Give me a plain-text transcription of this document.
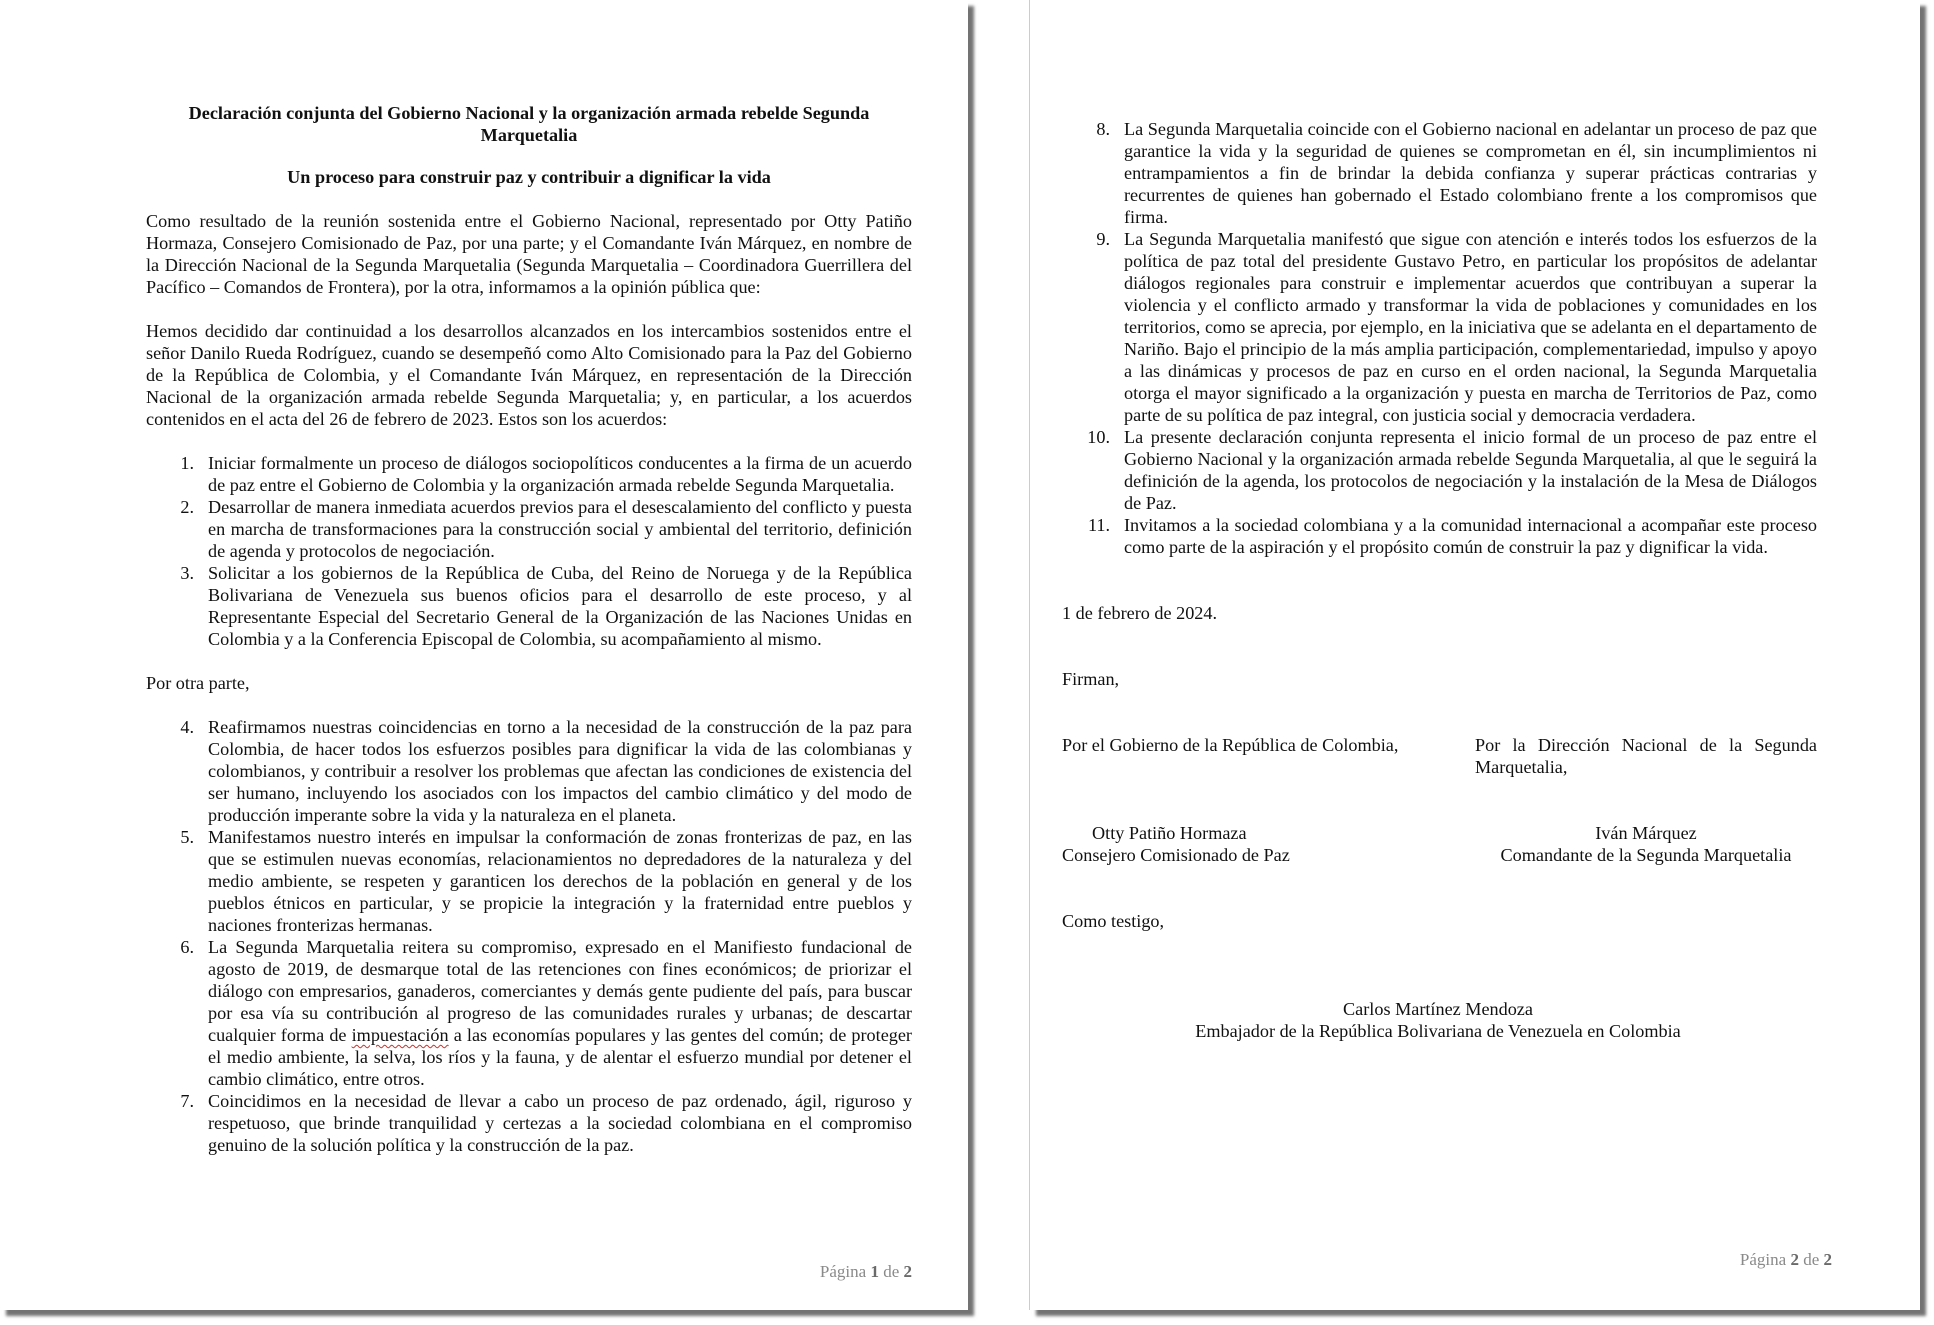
Declaración conjunta del Gobierno Nacional y la organización armada rebelde Segunda Marquetalia
Un proceso para construir paz y contribuir a dignificar la vida

Como resultado de la reunión sostenida entre el Gobierno Nacional, representado por Otty Patiño Hormaza, Consejero Comisionado de Paz, por una parte; y el Comandante Iván Márquez, en nombre de la Dirección Nacional de la Segunda Marquetalia (Segunda Marquetalia – Coordinadora Guerrillera del Pacífico – Comandos de Frontera), por la otra, informamos a la opinión pública que:

Hemos decidido dar continuidad a los desarrollos alcanzados en los intercambios sostenidos entre el señor Danilo Rueda Rodríguez, cuando se desempeñó como Alto Comisionado para la Paz del Gobierno de la República de Colombia, y el Comandante Iván Márquez, en representación de la Dirección Nacional de la organización armada rebelde Segunda Marquetalia; y, en particular, a los acuerdos contenidos en el acta del 26 de febrero de 2023. Estos son los acuerdos:

1. Iniciar formalmente un proceso de diálogos sociopolíticos conducentes a la firma de un acuerdo de paz entre el Gobierno de Colombia y la organización armada rebelde Segunda Marquetalia.
2. Desarrollar de manera inmediata acuerdos previos para el desescalamiento del conflicto y puesta en marcha de transformaciones para la construcción social y ambiental del territorio, definición de agenda y protocolos de negociación.
3. Solicitar a los gobiernos de la República de Cuba, del Reino de Noruega y de la República Bolivariana de Venezuela sus buenos oficios para el desarrollo de este proceso, y al Representante Especial del Secretario General de la Organización de las Naciones Unidas en Colombia y a la Conferencia Episcopal de Colombia, su acompañamiento al mismo.

Por otra parte,

4. Reafirmamos nuestras coincidencias en torno a la necesidad de la construcción de la paz para Colombia, de hacer todos los esfuerzos posibles para dignificar la vida de las colombianas y colombianos, y contribuir a resolver los problemas que afectan las condiciones de existencia del ser humano, incluyendo los asociados con los impactos del cambio climático y del modo de producción imperante sobre la vida y la naturaleza en el planeta.
5. Manifestamos nuestro interés en impulsar la conformación de zonas fronterizas de paz, en las que se estimulen nuevas economías, relacionamientos no depredadores de la naturaleza y del medio ambiente, se respeten y garanticen los derechos de la población en general y de los pueblos étnicos en particular, y se propicie la integración y la fraternidad entre pueblos y naciones fronterizas hermanas.
6. La Segunda Marquetalia reitera su compromiso, expresado en el Manifiesto fundacional de agosto de 2019, de desmarque total de las retenciones con fines económicos; de priorizar el diálogo con empresarios, ganaderos, comerciantes y demás gente pudiente del país, para buscar por esa vía su contribución al progreso de las comunidades rurales y urbanas; de descartar cualquier forma de impuestación a las economías populares y las gentes del común; de proteger el medio ambiente, la selva, los ríos y la fauna, y de alentar el esfuerzo mundial por detener el cambio climático, entre otros.
7. Coincidimos en la necesidad de llevar a cabo un proceso de paz ordenado, ágil, riguroso y respetuoso, que brinde tranquilidad y certezas a la sociedad colombiana en el compromiso genuino de la solución política y la construcción de la paz.
Página 1 de 2
8. La Segunda Marquetalia coincide con el Gobierno nacional en adelantar un proceso de paz que garantice la vida y la seguridad de quienes se comprometan en él, sin incumplimientos ni entrampamientos a fin de brindar la debida confianza y superar prácticas contrarias y recurrentes de quienes han gobernado el Estado colombiano frente a los compromisos que firma.
9. La Segunda Marquetalia manifestó que sigue con atención e interés todos los esfuerzos de la política de paz total del presidente Gustavo Petro, en particular los propósitos de adelantar diálogos regionales para construir e implementar acuerdos que contribuyan a superar la violencia y el conflicto armado y transformar la vida de poblaciones y comunidades en los territorios, como se aprecia, por ejemplo, en la iniciativa que se adelanta en el departamento de Nariño. Bajo el principio de la más amplia participación, complementariedad, impulso y apoyo a las dinámicas y procesos de paz en curso en el orden nacional, la Segunda Marquetalia otorga el mayor significado a la organización y puesta en marcha de Territorios de Paz, como parte de su política de paz integral, con justicia social y democracia verdadera.
10. La presente declaración conjunta representa el inicio formal de un proceso de paz entre el Gobierno Nacional y la organización armada rebelde Segunda Marquetalia, al que le seguirá la definición de la agenda, los protocolos de negociación y la instalación de la Mesa de Diálogos de Paz.
11. Invitamos a la sociedad colombiana y a la comunidad internacional a acompañar este proceso como parte de la aspiración y el propósito común de construir la paz y dignificar la vida.

1 de febrero de 2024.

Firman,

Por el Gobierno de la República de Colombia,	Por la Dirección Nacional de la Segunda Marquetalia,
Otty Patiño Hormaza
Consejero Comisionado de Paz
Iván Márquez
Comandante de la Segunda Marquetalia

Como testigo,

Carlos Martínez Mendoza
Embajador de la República Bolivariana de Venezuela en Colombia
Página 2 de 2
